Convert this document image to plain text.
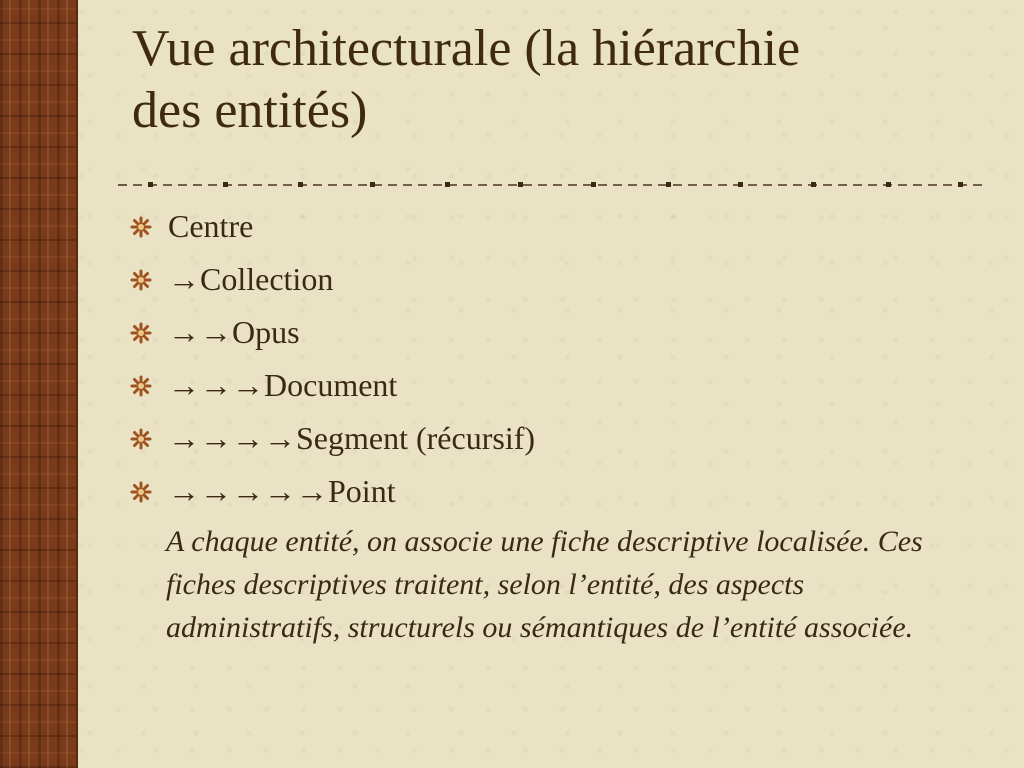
Vue architecturale (la hiérarchie
des entités)
Centre
→ Collection
→→ Opus
→→→ Document
→→→→ Segment (récursif)
→→→→→ Point

A chaque entité, on associe une fiche descriptive localisée. Ces fiches descriptives traitent, selon l’entité, des aspects administratifs, structurels ou sémantiques de l’entité associée.
